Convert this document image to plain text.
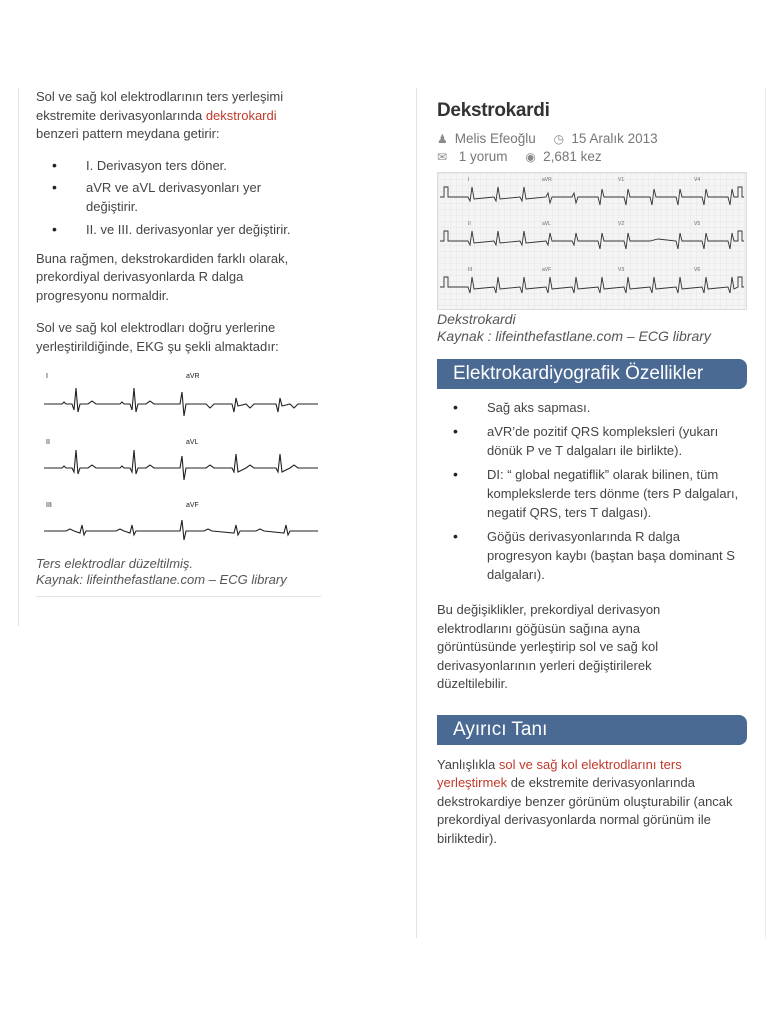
Sol ve sağ kol elektrodlarının ters yerleşimi ekstremite derivasyonlarında dekstrokardi benzeri pattern meydana getirir:

• I. Derivasyon ters döner.
• aVR ve aVL derivasyonları yer değiştirir.
• II. ve III. derivasyonlar yer değiştirir.

Buna rağmen, dekstrokardiden farklı olarak, prekordiyal derivasyonlarda R dalga progresyonu normaldir.

Sol ve sağ kol elektrodları doğru yerlerine yerleştirildiğinde, EKG şu şekli almaktadır:

I	aVR
II	aVL
III	aVF

Ters elektrodlar düzeltilmiş.

Kaynak: lifeinthefastlane.com – ECG library

Dekstrokardi
♟ Melis Efeoğlu ◷ 15 Aralık 2013
✉ 1 yorum ◉ 2,681 kez
I	aVR	V1	V4
II	aVL	V2	V5
III	aVF	V3	V6

Dekstrokardi

Kaynak : lifeinthefastlane.com – ECG library

Elektrokardiyografik Özellikler
• Sağ aks sapması.
• aVR’de pozitif QRS kompleksleri (yukarı dönük P ve T dalgaları ile birlikte).
• DI: “ global negatiflik” olarak bilinen, tüm komplekslerde ters dönme (ters P dalgaları, negatif QRS, ters T dalgası).
• Göğüs derivasyonlarında R dalga progresyon kaybı (baştan başa dominant S dalgaları).

Bu değişiklikler, prekordiyal derivasyon elektrodlarını göğüsün sağına ayna görüntüsünde yerleştirip sol ve sağ kol derivasyonlarının yerleri değiştirilerek düzeltilebilir.

Ayırıcı Tanı

Yanlışlıkla sol ve sağ kol elektrodlarını ters yerleştirmek de ekstremite derivasyonlarında dekstrokardiye benzer görünüm oluşturabilir (ancak prekordiyal derivasyonlarda normal görünüm ile birliktedir).
